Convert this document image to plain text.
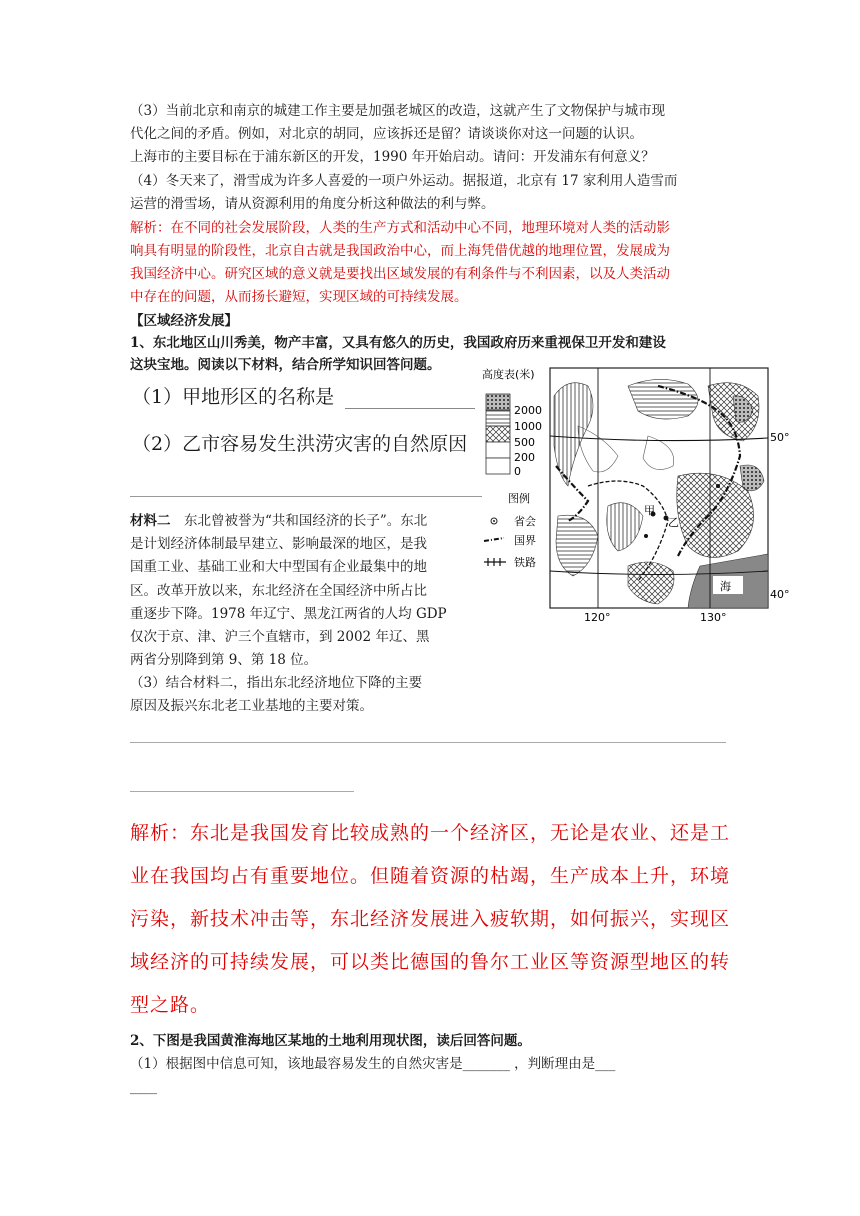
（3）当前北京和南京的城建工作主要是加强老城区的改造，这就产生了文物保护与城市现
代化之间的矛盾。例如，对北京的胡同，应该拆还是留？请谈谈你对这一问题的认识。
上海市的主要目标在于浦东新区的开发，1990 年开始启动。请问：开发浦东有何意义？
（4）冬天来了，滑雪成为许多人喜爱的一项户外运动。据报道，北京有 17 家利用人造雪而
运营的滑雪场，请从资源利用的角度分析这种做法的利与弊。
解析：在不同的社会发展阶段，人类的生产方式和活动中心不同，地理环境对人类的活动影
响具有明显的阶段性，北京自古就是我国政治中心，而上海凭借优越的地理位置，发展成为
我国经济中心。研究区域的意义就是要找出区域发展的有利条件与不利因素，以及人类活动
中存在的问题，从而扬长避短，实现区域的可持续发展。
【区域经济发展】
1、东北地区山川秀美，物产丰富，又具有悠久的历史，我国政府历来重视保卫开发和建设
这块宝地。阅读以下材料，结合所学知识回答问题。
（1）甲地形区的名称是
（2）乙市容易发生洪涝灾害的自然原因
材料二　东北曾被誉为“共和国经济的长子”。东北
是计划经济体制最早建立、影响最深的地区，是我
国重工业、基础工业和大中型国有企业最集中的地
区。改革开放以来，东北经济在全国经济中所占比
重逐步下降。1978 年辽宁、黑龙江两省的人均 GDP
仅次于京、津、沪三个直辖市，到 2002 年辽、黑
两省分别降到第 9、第 18 位。
（3）结合材料二，指出东北经济地位下降的主要
原因及振兴东北老工业基地的主要对策。
高度表(米)
2000
1000
500
200
0
图例
省会
国界
铁路
海
甲
乙
50°
40°
120°	130°
解析：东北是我国发育比较成熟的一个经济区，无论是农业、还是工
业在我国均占有重要地位。但随着资源的枯竭，生产成本上升，环境
污染，新技术冲击等，东北经济发展进入疲软期，如何振兴，实现区
域经济的可持续发展，可以类比德国的鲁尔工业区等资源型地区的转
型之路。
2、下图是我国黄淮海地区某地的土地利用现状图，读后回答问题。
（1）根据图中信息可知，该地最容易发生的自然灾害是_______ ，判断理由是___
____
